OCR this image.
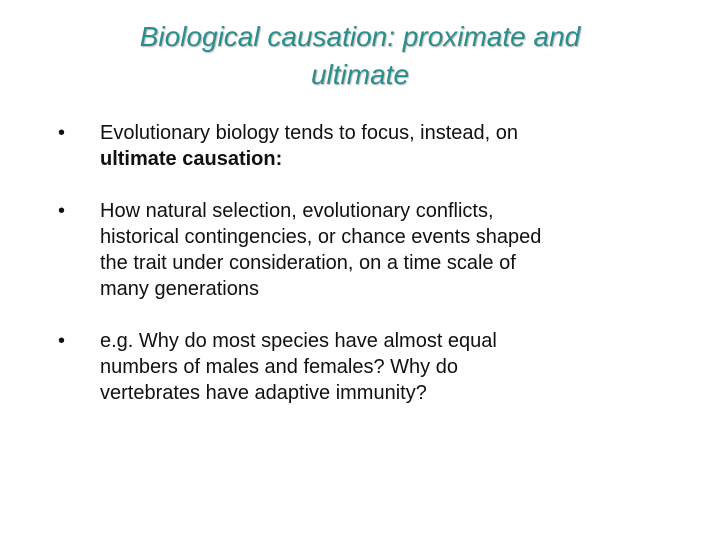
Biological causation: proximate and
ultimate
•	Evolutionary biology tends to focus, instead, on
ultimate causation:
•	How natural selection, evolutionary conflicts,
historical contingencies, or chance events shaped
the trait under consideration, on a time scale of
many generations
•	e.g. Why do most species have almost equal
numbers of males and females? Why do
vertebrates have adaptive immunity?
